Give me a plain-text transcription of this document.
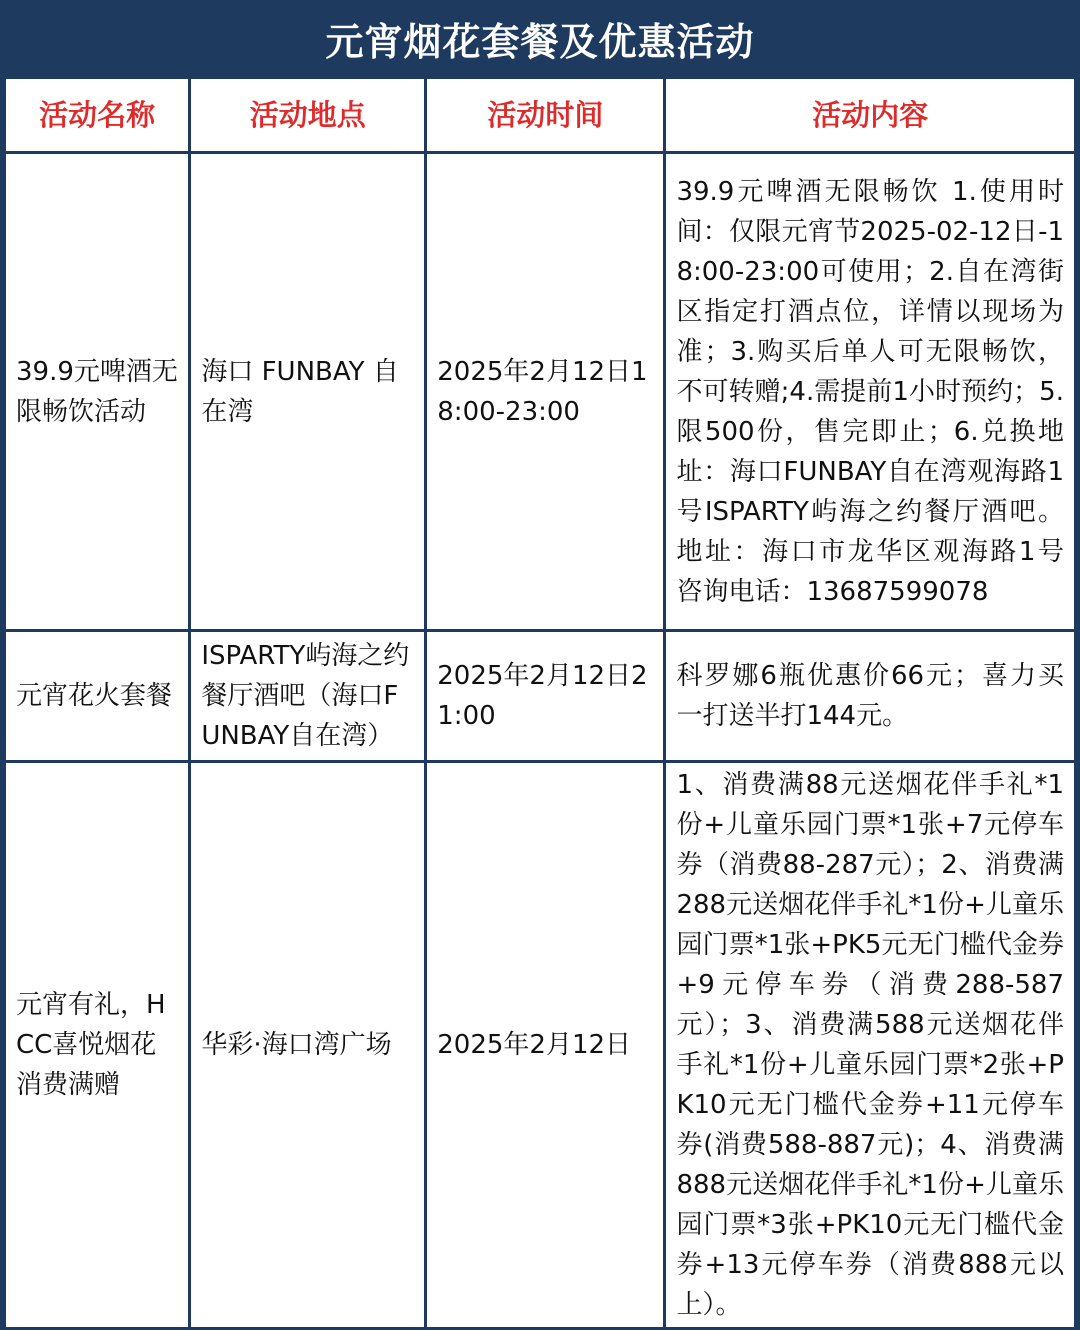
元宵烟花套餐及优惠活动
活动名称	活动地点	活动时间	活动内容
39.9元啤酒无限畅饮活动	海口 FUNBAY 自在湾	2025年2月12日18:00-23:00	39.9元啤酒无限畅饮 1.使用时间：仅限元宵节2025-02-12日-18:00-23:00可使用；2.自在湾街区指定打酒点位，详情以现场为准；3.购买后单人可无限畅饮，不可转赠;4.需提前1小时预约；5.限500份，售完即止；6.兑换地址：海口FUNBAY自在湾观海路1号ISPARTY屿海之约餐厅酒吧。地址：海口市龙华区观海路1号 咨询电话：13687599078
元宵花火套餐	ISPARTY屿海之约餐厅酒吧（海口FUNBAY自在湾）	2025年2月12日21:00	科罗娜6瓶优惠价66元；喜力买一打送半打144元。
元宵有礼，HCC喜悦烟花消费满赠	华彩·海口湾广场	2025年2月12日	1、消费满88元送烟花伴手礼*1份+儿童乐园门票*1张+7元停车券（消费88-287元）；2、消费满288元送烟花伴手礼*1份+儿童乐园门票*1张+PK5元无门槛代金券+9元停车券（消费288-587元）；3、消费满588元送烟花伴手礼*1份+儿童乐园门票*2张+PK10元无门槛代金券+11元停车券(消费588-887元)；4、消费满888元送烟花伴手礼*1份+儿童乐园门票*3张+PK10元无门槛代金券+13元停车券（消费888元以上）。
